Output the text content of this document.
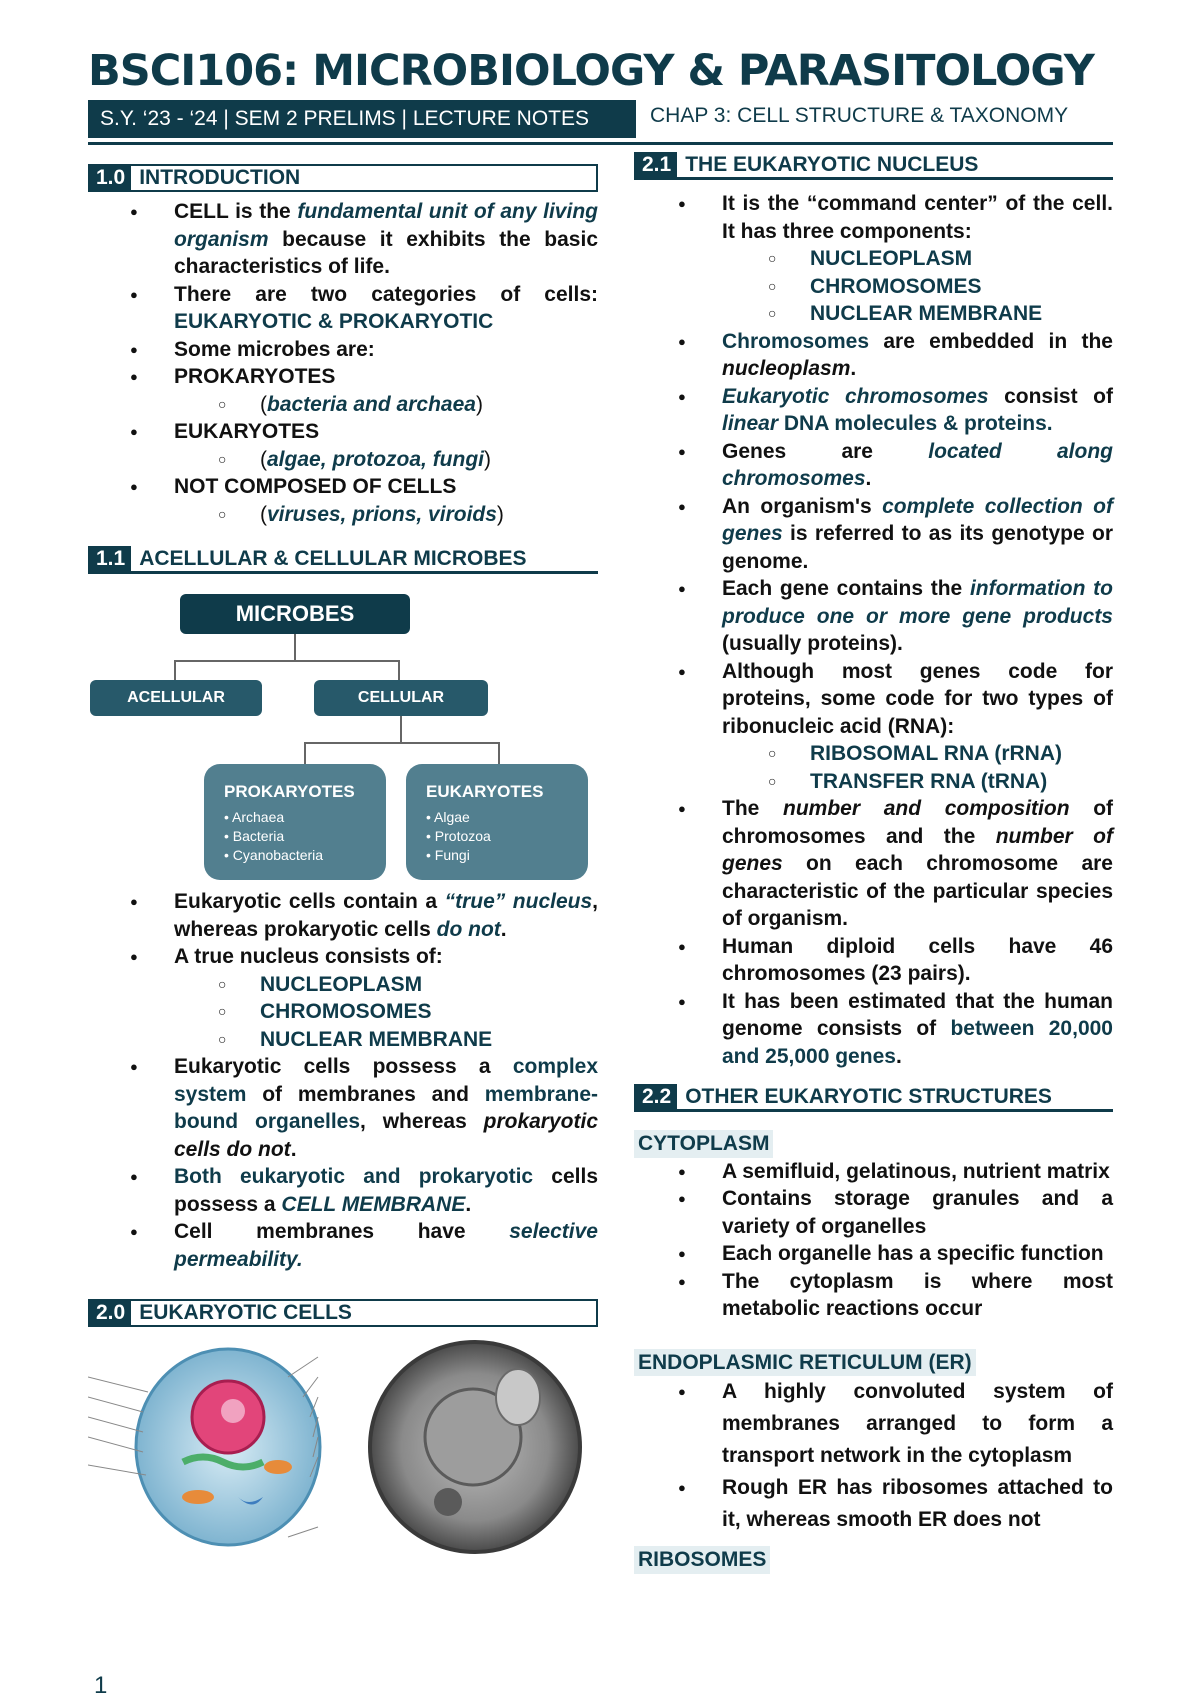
BSCI106: MICROBIOLOGY & PARASITOLOGY
S.Y. ‘23 - ‘24 | SEM 2 PRELIMS | LECTURE NOTES	CHAP 3: CELL STRUCTURE & TAXONOMY
1.0 INTRODUCTION
● CELL is the fundamental unit of any living organism because it exhibits the basic characteristics of life.
● There are two categories of cells: EUKARYOTIC & PROKARYOTIC
● Some microbes are:
● PROKARYOTES
○ (bacteria and archaea)
● EUKARYOTES
○ (algae, protozoa, fungi)
● NOT COMPOSED OF CELLS
○ (viruses, prions, viroids)
1.1 ACELLULAR & CELLULAR MICROBES
MICROBES
ACELLULAR	CELLULAR
PROKARYOTES
• Archaea
• Bacteria
• Cyanobacteria
EUKARYOTES
• Algae
• Protozoa
• Fungi
● Eukaryotic cells contain a “true” nucleus, whereas prokaryotic cells do not.
● A true nucleus consists of:
○ NUCLEOPLASM
○ CHROMOSOMES
○ NUCLEAR MEMBRANE
● Eukaryotic cells possess a complex system of membranes and membrane-bound organelles, whereas prokaryotic cells do not.
● Both eukaryotic and prokaryotic cells possess a CELL MEMBRANE.
● Cell membranes have selective permeability.
2.0 EUKARYOTIC CELLS
2.1 THE EUKARYOTIC NUCLEUS
● It is the “command center” of the cell. It has three components:
○ NUCLEOPLASM
○ CHROMOSOMES
○ NUCLEAR MEMBRANE
● Chromosomes are embedded in the nucleoplasm.
● Eukaryotic chromosomes consist of linear DNA molecules & proteins.
● Genes are located along chromosomes.
● An organism's complete collection of genes is referred to as its genotype or genome.
● Each gene contains the information to produce one or more gene products (usually proteins).
● Although most genes code for proteins, some code for two types of ribonucleic acid (RNA):
○ RIBOSOMAL RNA (rRNA)
○ TRANSFER RNA (tRNA)
● The number and composition of chromosomes and the number of genes on each chromosome are characteristic of the particular species of organism.
● Human diploid cells have 46 chromosomes (23 pairs).
● It has been estimated that the human genome consists of between 20,000 and 25,000 genes.
2.2 OTHER EUKARYOTIC STRUCTURES
CYTOPLASM
● A semifluid, gelatinous, nutrient matrix
● Contains storage granules and a variety of organelles
● Each organelle has a specific function
● The cytoplasm is where most metabolic reactions occur
ENDOPLASMIC RETICULUM (ER)
● A highly convoluted system of membranes arranged to form a transport network in the cytoplasm
● Rough ER has ribosomes attached to it, whereas smooth ER does not
RIBOSOMES
1
